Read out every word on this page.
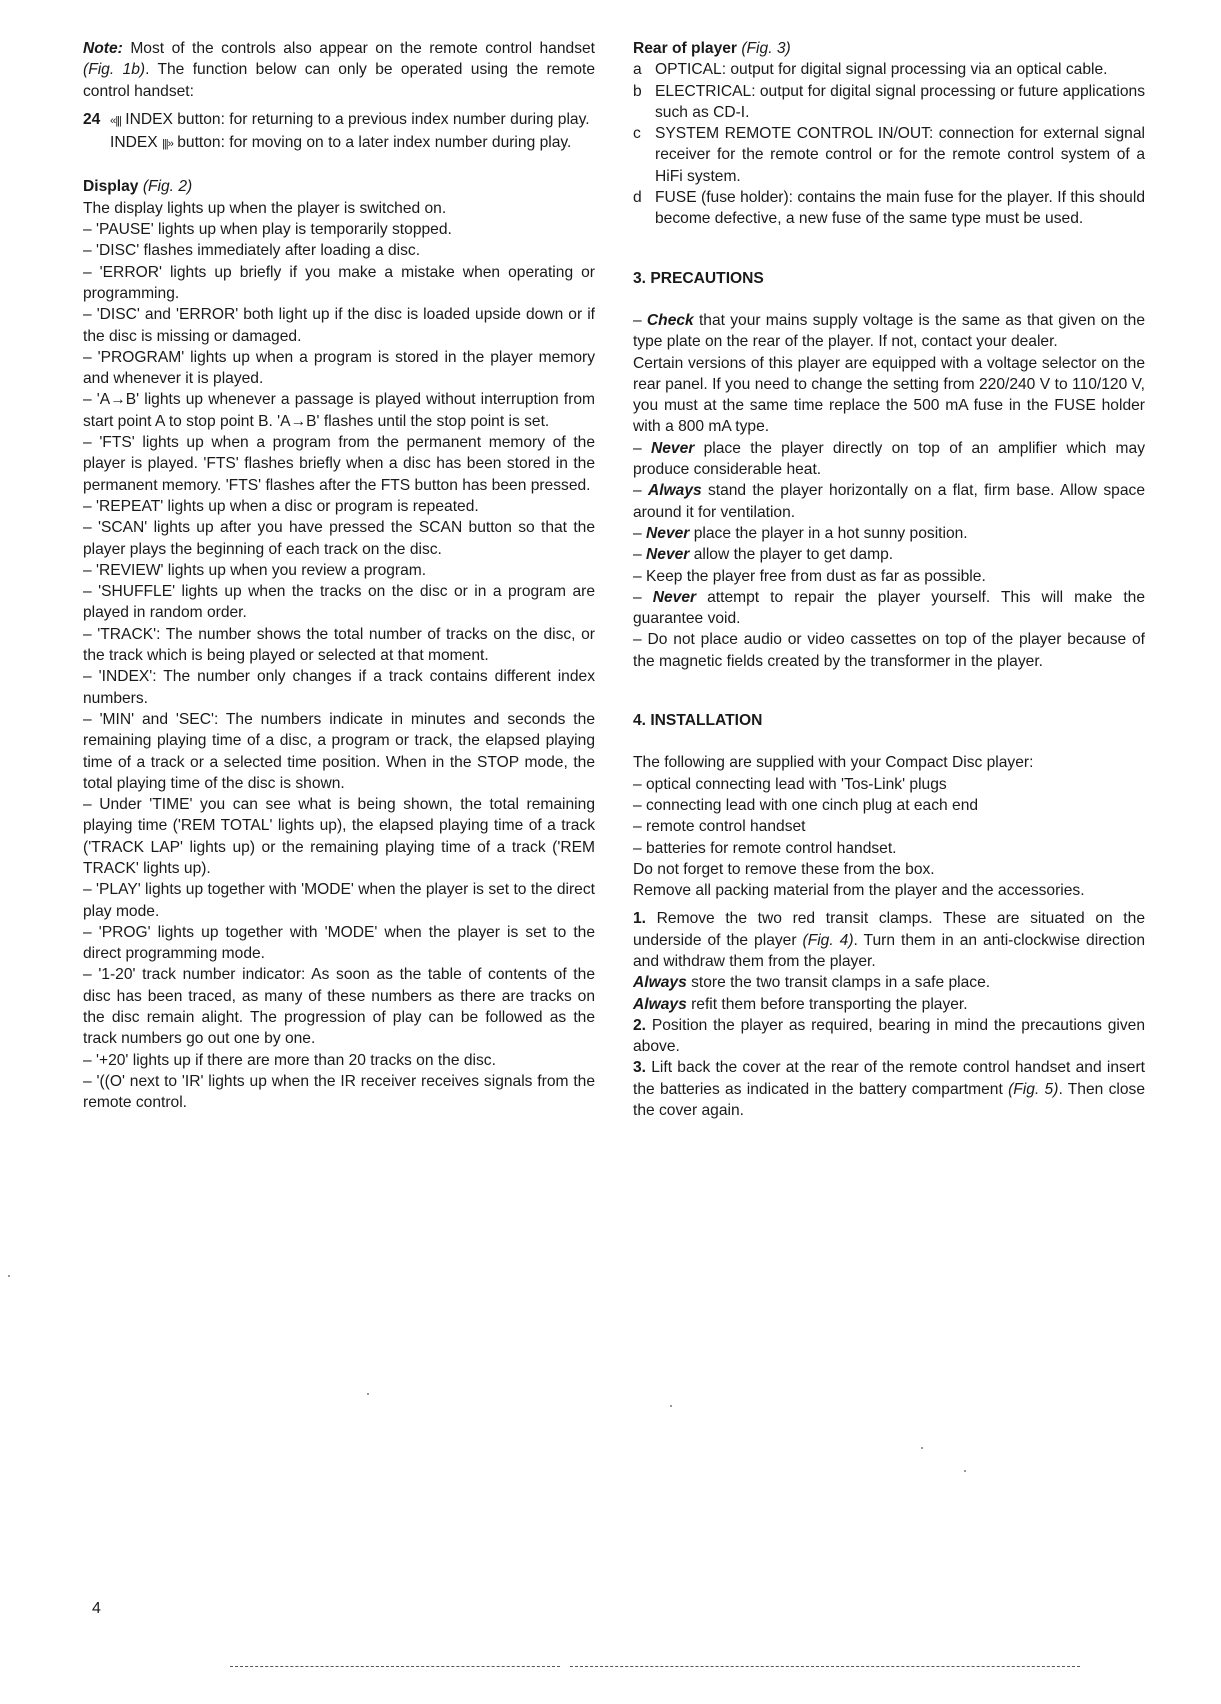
Note: Most of the controls also appear on the remote control handset (Fig. 1b). The function below can only be operated using the remote control handset:

24 ‹‹||| INDEX button: for returning to a previous index number during play.

INDEX |||›› button: for moving on to a later index number during play.

Display (Fig. 2)

The display lights up when the player is switched on.

– 'PAUSE' lights up when play is temporarily stopped.

– 'DISC' flashes immediately after loading a disc.

– 'ERROR' lights up briefly if you make a mistake when operating or programming.

– 'DISC' and 'ERROR' both light up if the disc is loaded upside down or if the disc is missing or damaged.

– 'PROGRAM' lights up when a program is stored in the player memory and whenever it is played.

– 'A→B' lights up whenever a passage is played without interruption from start point A to stop point B. 'A→B' flashes until the stop point is set.

– 'FTS' lights up when a program from the permanent memory of the player is played. 'FTS' flashes briefly when a disc has been stored in the permanent memory. 'FTS' flashes after the FTS button has been pressed.

– 'REPEAT' lights up when a disc or program is repeated.

– 'SCAN' lights up after you have pressed the SCAN button so that the player plays the beginning of each track on the disc.

– 'REVIEW' lights up when you review a program.

– 'SHUFFLE' lights up when the tracks on the disc or in a program are played in random order.

– 'TRACK': The number shows the total number of tracks on the disc, or the track which is being played or selected at that moment.

– 'INDEX': The number only changes if a track contains different index numbers.

– 'MIN' and 'SEC': The numbers indicate in minutes and seconds the remaining playing time of a disc, a program or track, the elapsed playing time of a track or a selected time position. When in the STOP mode, the total playing time of the disc is shown.

– Under 'TIME' you can see what is being shown, the total remaining playing time ('REM TOTAL' lights up), the elapsed playing time of a track ('TRACK LAP' lights up) or the remaining playing time of a track ('REM TRACK' lights up).

– 'PLAY' lights up together with 'MODE' when the player is set to the direct play mode.

– 'PROG' lights up together with 'MODE' when the player is set to the direct programming mode.

– '1-20' track number indicator: As soon as the table of contents of the disc has been traced, as many of these numbers as there are tracks on the disc remain alight. The progression of play can be followed as the track numbers go out one by one.

– '+20' lights up if there are more than 20 tracks on the disc.

– '((O' next to 'IR' lights up when the IR receiver receives signals from the remote control.

Rear of player (Fig. 3)

a OPTICAL: output for digital signal processing via an optical cable.
b ELECTRICAL: output for digital signal processing or future applications such as CD-I.
c SYSTEM REMOTE CONTROL IN/OUT: connection for external signal receiver for the remote control or for the remote control system of a HiFi system.
d FUSE (fuse holder): contains the main fuse for the player. If this should become defective, a new fuse of the same type must be used.

3. PRECAUTIONS

– Check that your mains supply voltage is the same as that given on the type plate on the rear of the player. If not, contact your dealer.

Certain versions of this player are equipped with a voltage selector on the rear panel. If you need to change the setting from 220/240 V to 110/120 V, you must at the same time replace the 500 mA fuse in the FUSE holder with a 800 mA type.

– Never place the player directly on top of an amplifier which may produce considerable heat.

– Always stand the player horizontally on a flat, firm base. Allow space around it for ventilation.

– Never place the player in a hot sunny position.

– Never allow the player to get damp.

– Keep the player free from dust as far as possible.

– Never attempt to repair the player yourself. This will make the guarantee void.

– Do not place audio or video cassettes on top of the player because of the magnetic fields created by the transformer in the player.

4. INSTALLATION

The following are supplied with your Compact Disc player:

– optical connecting lead with 'Tos-Link' plugs

– connecting lead with one cinch plug at each end

– remote control handset

– batteries for remote control handset.

Do not forget to remove these from the box.

Remove all packing material from the player and the accessories.

1. Remove the two red transit clamps. These are situated on the underside of the player (Fig. 4). Turn them in an anti-clockwise direction and withdraw them from the player.

Always store the two transit clamps in a safe place.

Always refit them before transporting the player.

2. Position the player as required, bearing in mind the precautions given above.

3. Lift back the cover at the rear of the remote control handset and insert the batteries as indicated in the battery compartment (Fig. 5). Then close the cover again.

4
